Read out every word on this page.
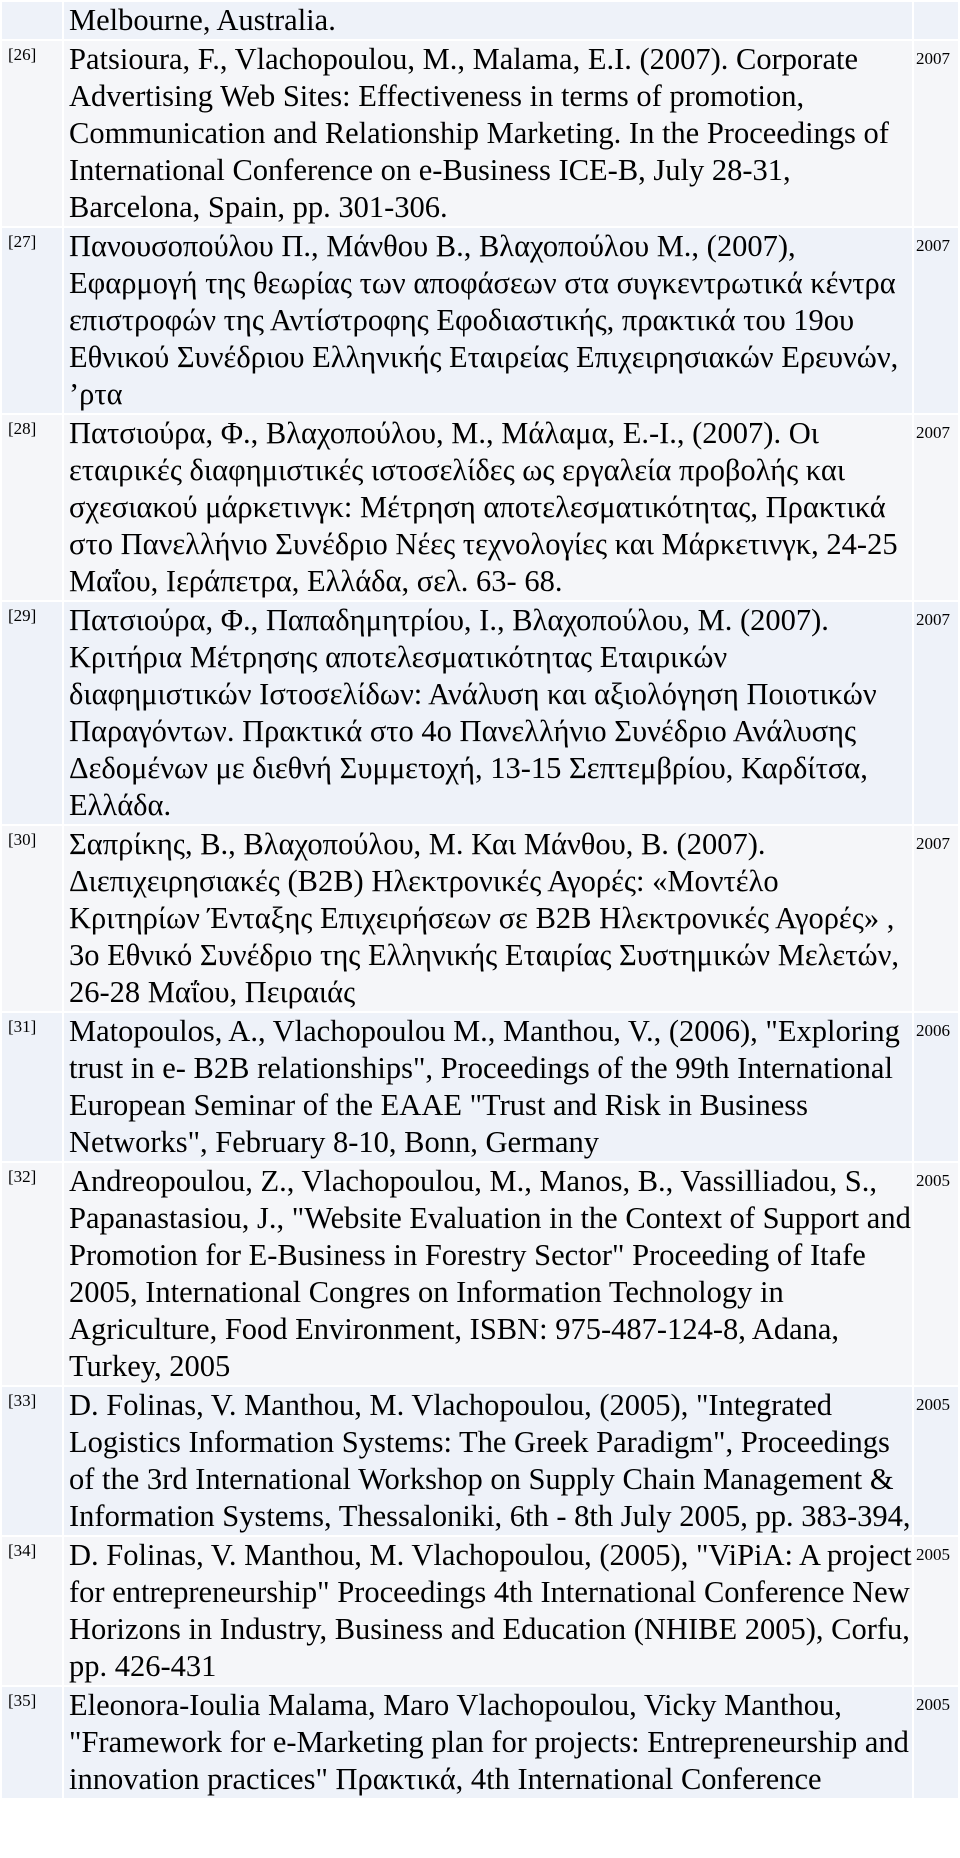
	Melbourne, Australia.	
[26]	Patsioura, F., Vlachopoulou, M., Malama, E.I. (2007). Corporate Advertising Web Sites: Effectiveness in terms of promotion, Communication and Relationship Marketing. In the Proceedings of International Conference on e-Business ICE-B, July 28-31, Barcelona, Spain, pp. 301-306.	2007
[27]	Πανουσοπούλου Π., Μάνθου Β., Βλαχοπούλου Μ., (2007), Εφαρμογή της θεωρίας των αποφάσεων στα συγκεντρωτικά κέντρα επιστροφών της Αντίστροφης Εφοδιαστικής, πρακτικά του 19ου Εθνικού Συνέδριου Ελληνικής Εταιρείας Επιχειρησιακών Ερευνών, ’ρτα	2007
[28]	Πατσιούρα, Φ., Βλαχοπούλου, Μ., Μάλαμα, Ε.-Ι., (2007). Οι εταιρικές διαφημιστικές ιστοσελίδες ως εργαλεία προβολής και σχεσιακού μάρκετινγκ: Μέτρηση αποτελεσματικότητας, Πρακτικά στο Πανελλήνιο Συνέδριο Νέες τεχνολογίες και Μάρκετινγκ, 24-25 Μαΐου, Ιεράπετρα, Ελλάδα, σελ. 63- 68.	2007
[29]	Πατσιούρα, Φ., Παπαδημητρίου, Ι., Βλαχοπούλου, Μ. (2007). Κριτήρια Μέτρησης αποτελεσματικότητας Εταιρικών διαφημιστικών Ιστοσελίδων: Ανάλυση και αξιολόγηση Ποιοτικών Παραγόντων. Πρακτικά στο 4ο Πανελλήνιο Συνέδριο Ανάλυσης Δεδομένων με διεθνή Συμμετοχή, 13-15 Σεπτεμβρίου, Καρδίτσα, Ελλάδα.	2007
[30]	Σαπρίκης, Β., Βλαχοπούλου, Μ. Και Μάνθου, Β. (2007). Διεπιχειρησιακές (B2B) Ηλεκτρονικές Αγορές: «Μοντέλο Κριτηρίων Ένταξης Επιχειρήσεων σε B2B Ηλεκτρονικές Αγορές» , 3ο Εθνικό Συνέδριο της Ελληνικής Εταιρίας Συστημικών Μελετών, 26-28 Μαΐου, Πειραιάς	2007
[31]	Matopoulos, A., Vlachopoulou M., Manthou, V., (2006), "Exploring trust in e- B2B relationships", Proceedings of the 99th International European Seminar of the EAAE "Trust and Risk in Business Networks", February 8-10, Bonn, Germany	2006
[32]	Andreopoulou, Z., Vlachopoulou, M., Manos, B., Vassilliadou, S., Papanastasiou, J., "Website Evaluation in the Context of Support and Promotion for E-Business in Forestry Sector" Proceeding of Itafe 2005, International Congres on Information Technology in Agriculture, Food Environment, ISBN: 975-487-124-8, Adana, Turkey, 2005	2005
[33]	D. Folinas, V. Manthou, M. Vlachopoulou, (2005), "Integrated Logistics Information Systems: The Greek Paradigm", Proceedings of the 3rd International Workshop on Supply Chain Management & Information Systems, Thessaloniki, 6th - 8th July 2005, pp. 383-394,	2005
[34]	D. Folinas, V. Manthou, M. Vlachopoulou, (2005), "ViPiA: A project for entrepreneurship" Proceedings 4th International Conference New Horizons in Industry, Business and Education (NHIBE 2005), Corfu, pp. 426-431	2005
[35]	Eleonora-Ioulia Malama, Maro Vlachopoulou, Vicky Manthou, "Framework for e-Marketing plan for projects: Entrepreneurship and innovation practices" Πρακτικά, 4th International Conference	2005
